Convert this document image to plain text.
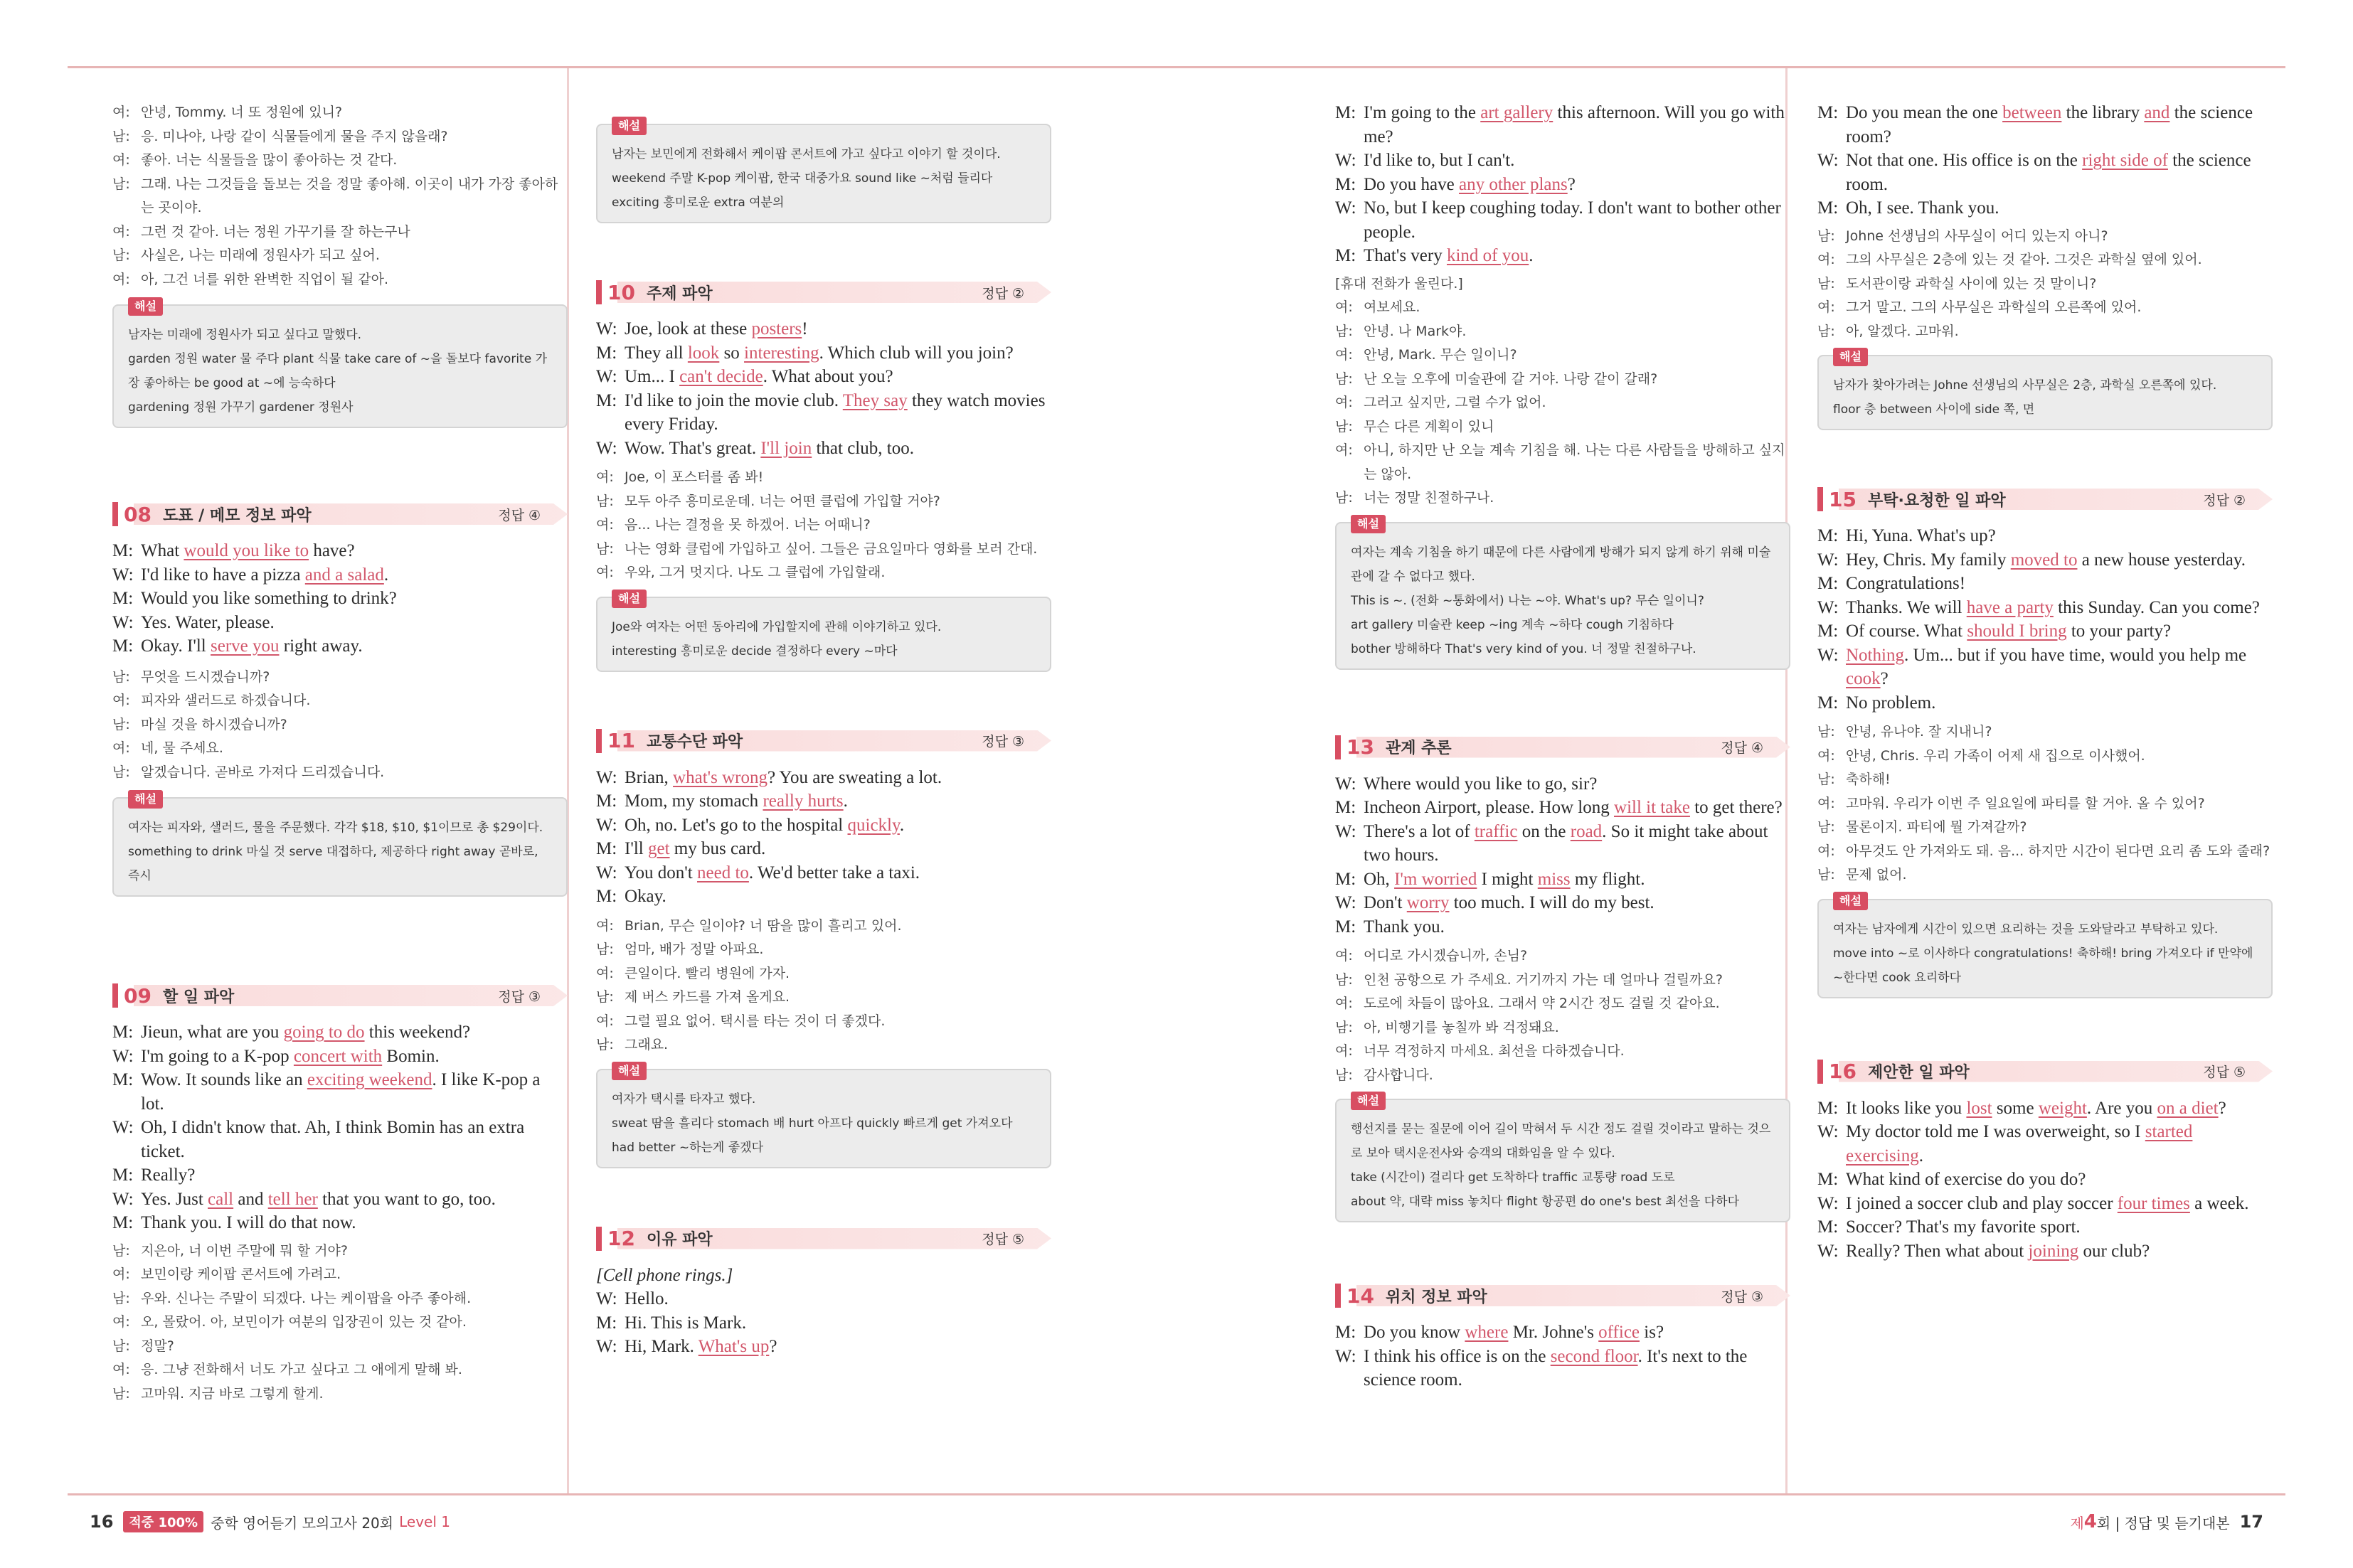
여: 안녕, Tommy. 너 또 정원에 있니?
남: 응. 미나야, 나랑 같이 식물들에게 물을 주지 않을래?
여: 좋아. 너는 식물들을 많이 좋아하는 것 같다.
남: 그래. 나는 그것들을 돌보는 것을 정말 좋아해. 이곳이 내가 가장 좋아하는 곳이야.
여: 그런 것 같아. 너는 정원 가꾸기를 잘 하는구나
남: 사실은, 나는 미래에 정원사가 되고 싶어.
여: 아, 그건 너를 위한 완벽한 직업이 될 같아.
해설
남자는 미래에 정원사가 되고 싶다고 말했다.
garden 정원 water 물 주다 plant 식물 take care of ~을 돌보다 favorite 가장 좋아하는 be good at ~에 능숙하다
gardening 정원 가꾸기 gardener 정원사
08 도표 / 메모 정보 파악	정답 ④
M: What would you like to have?
W: I'd like to have a pizza and a salad.
M: Would you like something to drink?
W: Yes. Water, please.
M: Okay. I'll serve you right away.
남: 무엇을 드시겠습니까?
여: 피자와 샐러드로 하겠습니다.
남: 마실 것을 하시겠습니까?
여: 네, 물 주세요.
남: 알겠습니다. 곧바로 가져다 드리겠습니다.
해설
여자는 피자와, 샐러드, 물을 주문했다. 각각 $18, $10, $1이므로 총 $29이다.
something to drink 마실 것 serve 대접하다, 제공하다 right away 곧바로, 즉시
09 할 일 파악	정답 ③
M: Jieun, what are you going to do this weekend?
W: I'm going to a K-pop concert with Bomin.
M: Wow. It sounds like an exciting weekend. I like K-pop a lot.
W: Oh, I didn't know that. Ah, I think Bomin has an extra ticket.
M: Really?
W: Yes. Just call and tell her that you want to go, too.
M: Thank you. I will do that now.
남: 지은아, 너 이번 주말에 뭐 할 거야?
여: 보민이랑 케이팝 콘서트에 가려고.
남: 우와. 신나는 주말이 되겠다. 나는 케이팝을 아주 좋아해.
여: 오, 몰랐어. 아, 보민이가 여분의 입장권이 있는 것 같아.
남: 정말?
여: 응. 그냥 전화해서 너도 가고 싶다고 그 애에게 말해 봐.
남: 고마워. 지금 바로 그렇게 할게.
해설
남자는 보민에게 전화해서 케이팝 콘서트에 가고 싶다고 이야기 할 것이다.
weekend 주말 K-pop 케이팝, 한국 대중가요 sound like ~처럼 들리다 exciting 흥미로운 extra 여분의
10 주제 파악	정답 ②
W: Joe, look at these posters!
M: They all look so interesting. Which club will you join?
W: Um... I can't decide. What about you?
M: I'd like to join the movie club. They say they watch movies every Friday.
W: Wow. That's great. I'll join that club, too.
여: Joe, 이 포스터를 좀 봐!
남: 모두 아주 흥미로운데. 너는 어떤 클럽에 가입할 거야?
여: 음... 나는 결정을 못 하겠어. 너는 어때니?
남: 나는 영화 클럽에 가입하고 싶어. 그들은 금요일마다 영화를 보러 간대.
여: 우와, 그거 멋지다. 나도 그 클럽에 가입할래.
해설
Joe와 여자는 어떤 동아리에 가입할지에 관해 이야기하고 있다.
interesting 흥미로운 decide 결정하다 every ~마다
11 교통수단 파악	정답 ③
W: Brian, what's wrong? You are sweating a lot.
M: Mom, my stomach really hurts.
W: Oh, no. Let's go to the hospital quickly.
M: I'll get my bus card.
W: You don't need to. We'd better take a taxi.
M: Okay.
여: Brian, 무슨 일이야? 너 땀을 많이 흘리고 있어.
남: 엄마, 배가 정말 아파요.
여: 큰일이다. 빨리 병원에 가자.
남: 제 버스 카드를 가져 올게요.
여: 그럴 필요 없어. 택시를 타는 것이 더 좋겠다.
남: 그래요.
해설
여자가 택시를 타자고 했다.
sweat 땀을 흘리다 stomach 배 hurt 아프다 quickly 빠르게 get 가져오다 had better ~하는게 좋겠다
12 이유 파악	정답 ⑤
[Cell phone rings.]
W: Hello.
M: Hi. This is Mark.
W: Hi, Mark. What's up?
M: I'm going to the art gallery this afternoon. Will you go with me?
W: I'd like to, but I can't.
M: Do you have any other plans?
W: No, but I keep coughing today. I don't want to bother other people.
M: That's very kind of you.
[휴대 전화가 울린다.]
여: 여보세요.
남: 안녕. 나 Mark야.
여: 안녕, Mark. 무슨 일이니?
남: 난 오늘 오후에 미술관에 갈 거야. 나랑 같이 갈래?
여: 그러고 싶지만, 그럴 수가 없어.
남: 무슨 다른 계획이 있니
여: 아니, 하지만 난 오늘 계속 기침을 해. 나는 다른 사람들을 방해하고 싶지는 않아.
남: 너는 정말 친절하구나.
해설
여자는 계속 기침을 하기 때문에 다른 사람에게 방해가 되지 않게 하기 위해 미술관에 갈 수 없다고 했다.
This is ~. (전화 ~통화에서) 나는 ~야. What's up? 무슨 일이니?
art gallery 미술관 keep ~ing 계속 ~하다 cough 기침하다
bother 방해하다 That's very kind of you. 너 정말 친절하구나.
13 관계 추론	정답 ④
W: Where would you like to go, sir?
M: Incheon Airport, please. How long will it take to get there?
W: There's a lot of traffic on the road. So it might take about two hours.
M: Oh, I'm worried I might miss my flight.
W: Don't worry too much. I will do my best.
M: Thank you.
여: 어디로 가시겠습니까, 손님?
남: 인천 공항으로 가 주세요. 거기까지 가는 데 얼마나 걸릴까요?
여: 도로에 차들이 많아요. 그래서 약 2시간 정도 걸릴 것 같아요.
남: 아, 비행기를 놓칠까 봐 걱정돼요.
여: 너무 걱정하지 마세요. 최선을 다하겠습니다.
남: 감사합니다.
해설
행선지를 묻는 질문에 이어 길이 막혀서 두 시간 정도 걸릴 것이라고 말하는 것으로 보아 택시운전사와 승객의 대화임을 알 수 있다.
take (시간이) 걸리다 get 도착하다 traffic 교통량 road 도로
about 약, 대략 miss 놓치다 flight 항공편 do one's best 최선을 다하다
14 위치 정보 파악	정답 ③
M: Do you know where Mr. Johne's office is?
W: I think his office is on the second floor. It's next to the science room.
M: Do you mean the one between the library and the science room?
W: Not that one. His office is on the right side of the science room.
M: Oh, I see. Thank you.
남: Johne 선생님의 사무실이 어디 있는지 아니?
여: 그의 사무실은 2층에 있는 것 같아. 그것은 과학실 옆에 있어.
남: 도서관이랑 과학실 사이에 있는 것 말이니?
여: 그거 말고. 그의 사무실은 과학실의 오른쪽에 있어.
남: 아, 알겠다. 고마워.
해설
남자가 찾아가려는 Johne 선생님의 사무실은 2층, 과학실 오른쪽에 있다.
floor 층 between 사이에 side 쪽, 면
15 부탁·요청한 일 파악	정답 ②
M: Hi, Yuna. What's up?
W: Hey, Chris. My family moved to a new house yesterday.
M: Congratulations!
W: Thanks. We will have a party this Sunday. Can you come?
M: Of course. What should I bring to your party?
W: Nothing. Um... but if you have time, would you help me cook?
M: No problem.
남: 안녕, 유나야. 잘 지내니?
여: 안녕, Chris. 우리 가족이 어제 새 집으로 이사했어.
남: 축하해!
여: 고마워. 우리가 이번 주 일요일에 파티를 할 거야. 올 수 있어?
남: 물론이지. 파티에 뭘 가져갈까?
여: 아무것도 안 가져와도 돼. 음... 하지만 시간이 된다면 요리 좀 도와 줄래?
남: 문제 없어.
해설
여자는 남자에게 시간이 있으면 요리하는 것을 도와달라고 부탁하고 있다.
move into ~로 이사하다 congratulations! 축하해! bring 가져오다 if 만약에~한다면 cook 요리하다
16 제안한 일 파악	정답 ⑤
M: It looks like you lost some weight. Are you on a diet?
W: My doctor told me I was overweight, so I started exercising.
M: What kind of exercise do you do?
W: I joined a soccer club and play soccer four times a week.
M: Soccer? That's my favorite sport.
W: Really? Then what about joining our club?
16	적중 100% 중학 영어듣기 모의고사 20회 Level 1	제 4 회 | 정답 및 듣기대본 17
